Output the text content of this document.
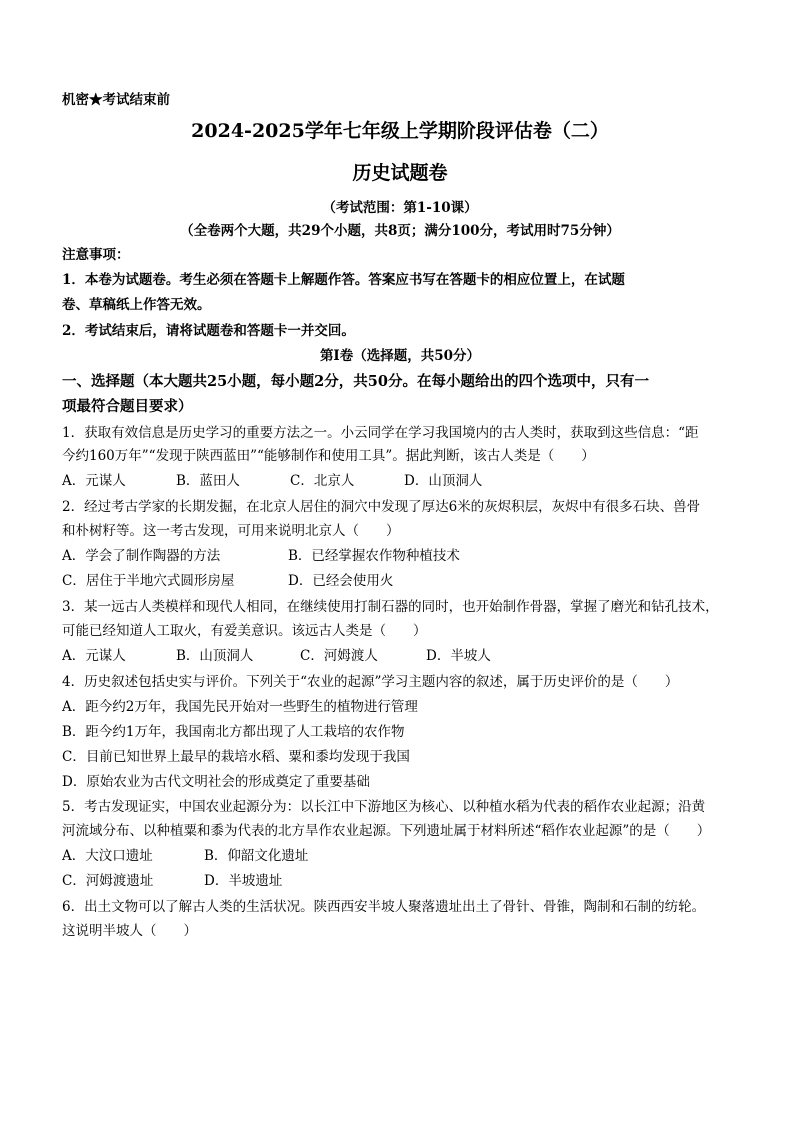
机密★考试结束前
2024-2025学年七年级上学期阶段评估卷（二）
历史试题卷
（考试范围：第1-10课）
（全卷两个大题，共29个小题，共8页；满分100分，考试用时75分钟）
注意事项：
1．本卷为试题卷。考生必须在答题卡上解题作答。答案应书写在答题卡的相应位置上，在试题
卷、草稿纸上作答无效。
2．考试结束后，请将试题卷和答题卡一并交回。
第Ⅰ卷（选择题，共50分）
一、选择题（本大题共25小题，每小题2分，共50分。在每小题给出的四个选项中，只有一
项最符合题目要求）
1．获取有效信息是历史学习的重要方法之一。小云同学在学习我国境内的古人类时，获取到这些信息：“距
今约160万年”“发现于陕西蓝田”“能够制作和使用工具”。据此判断，该古人类是（　　）
A．元谋人	B．蓝田人	C．北京人	D．山顶洞人
2．经过考古学家的长期发掘，在北京人居住的洞穴中发现了厚达6米的灰烬积层，灰烬中有很多石块、兽骨
和朴树籽等。这一考古发现，可用来说明北京人（　　）
A．学会了制作陶器的方法	B．已经掌握农作物种植技术
C．居住于半地穴式圆形房屋	D．已经会使用火
3．某一远古人类模样和现代人相同，在继续使用打制石器的同时，也开始制作骨器，掌握了磨光和钻孔技术，
可能已经知道人工取火，有爱美意识。该远古人类是（　　）
A．元谋人	B．山顶洞人	C．河姆渡人	D．半坡人
4．历史叙述包括史实与评价。下列关于“农业的起源”学习主题内容的叙述，属于历史评价的是（　　）
A．距今约2万年，我国先民开始对一些野生的植物进行管理
B．距今约1万年，我国南北方都出现了人工栽培的农作物
C．目前已知世界上最早的栽培水稻、粟和黍均发现于我国
D．原始农业为古代文明社会的形成奠定了重要基础
5．考古发现证实，中国农业起源分为：以长江中下游地区为核心、以种植水稻为代表的稻作农业起源；沿黄
河流域分布、以种植粟和黍为代表的北方旱作农业起源。下列遗址属于材料所述“稻作农业起源”的是（　　）
A．大汶口遗址	B．仰韶文化遗址
C．河姆渡遗址	D．半坡遗址
6．出土文物可以了解古人类的生活状况。陕西西安半坡人聚落遗址出土了骨针、骨锥，陶制和石制的纺轮。
这说明半坡人（　　）
